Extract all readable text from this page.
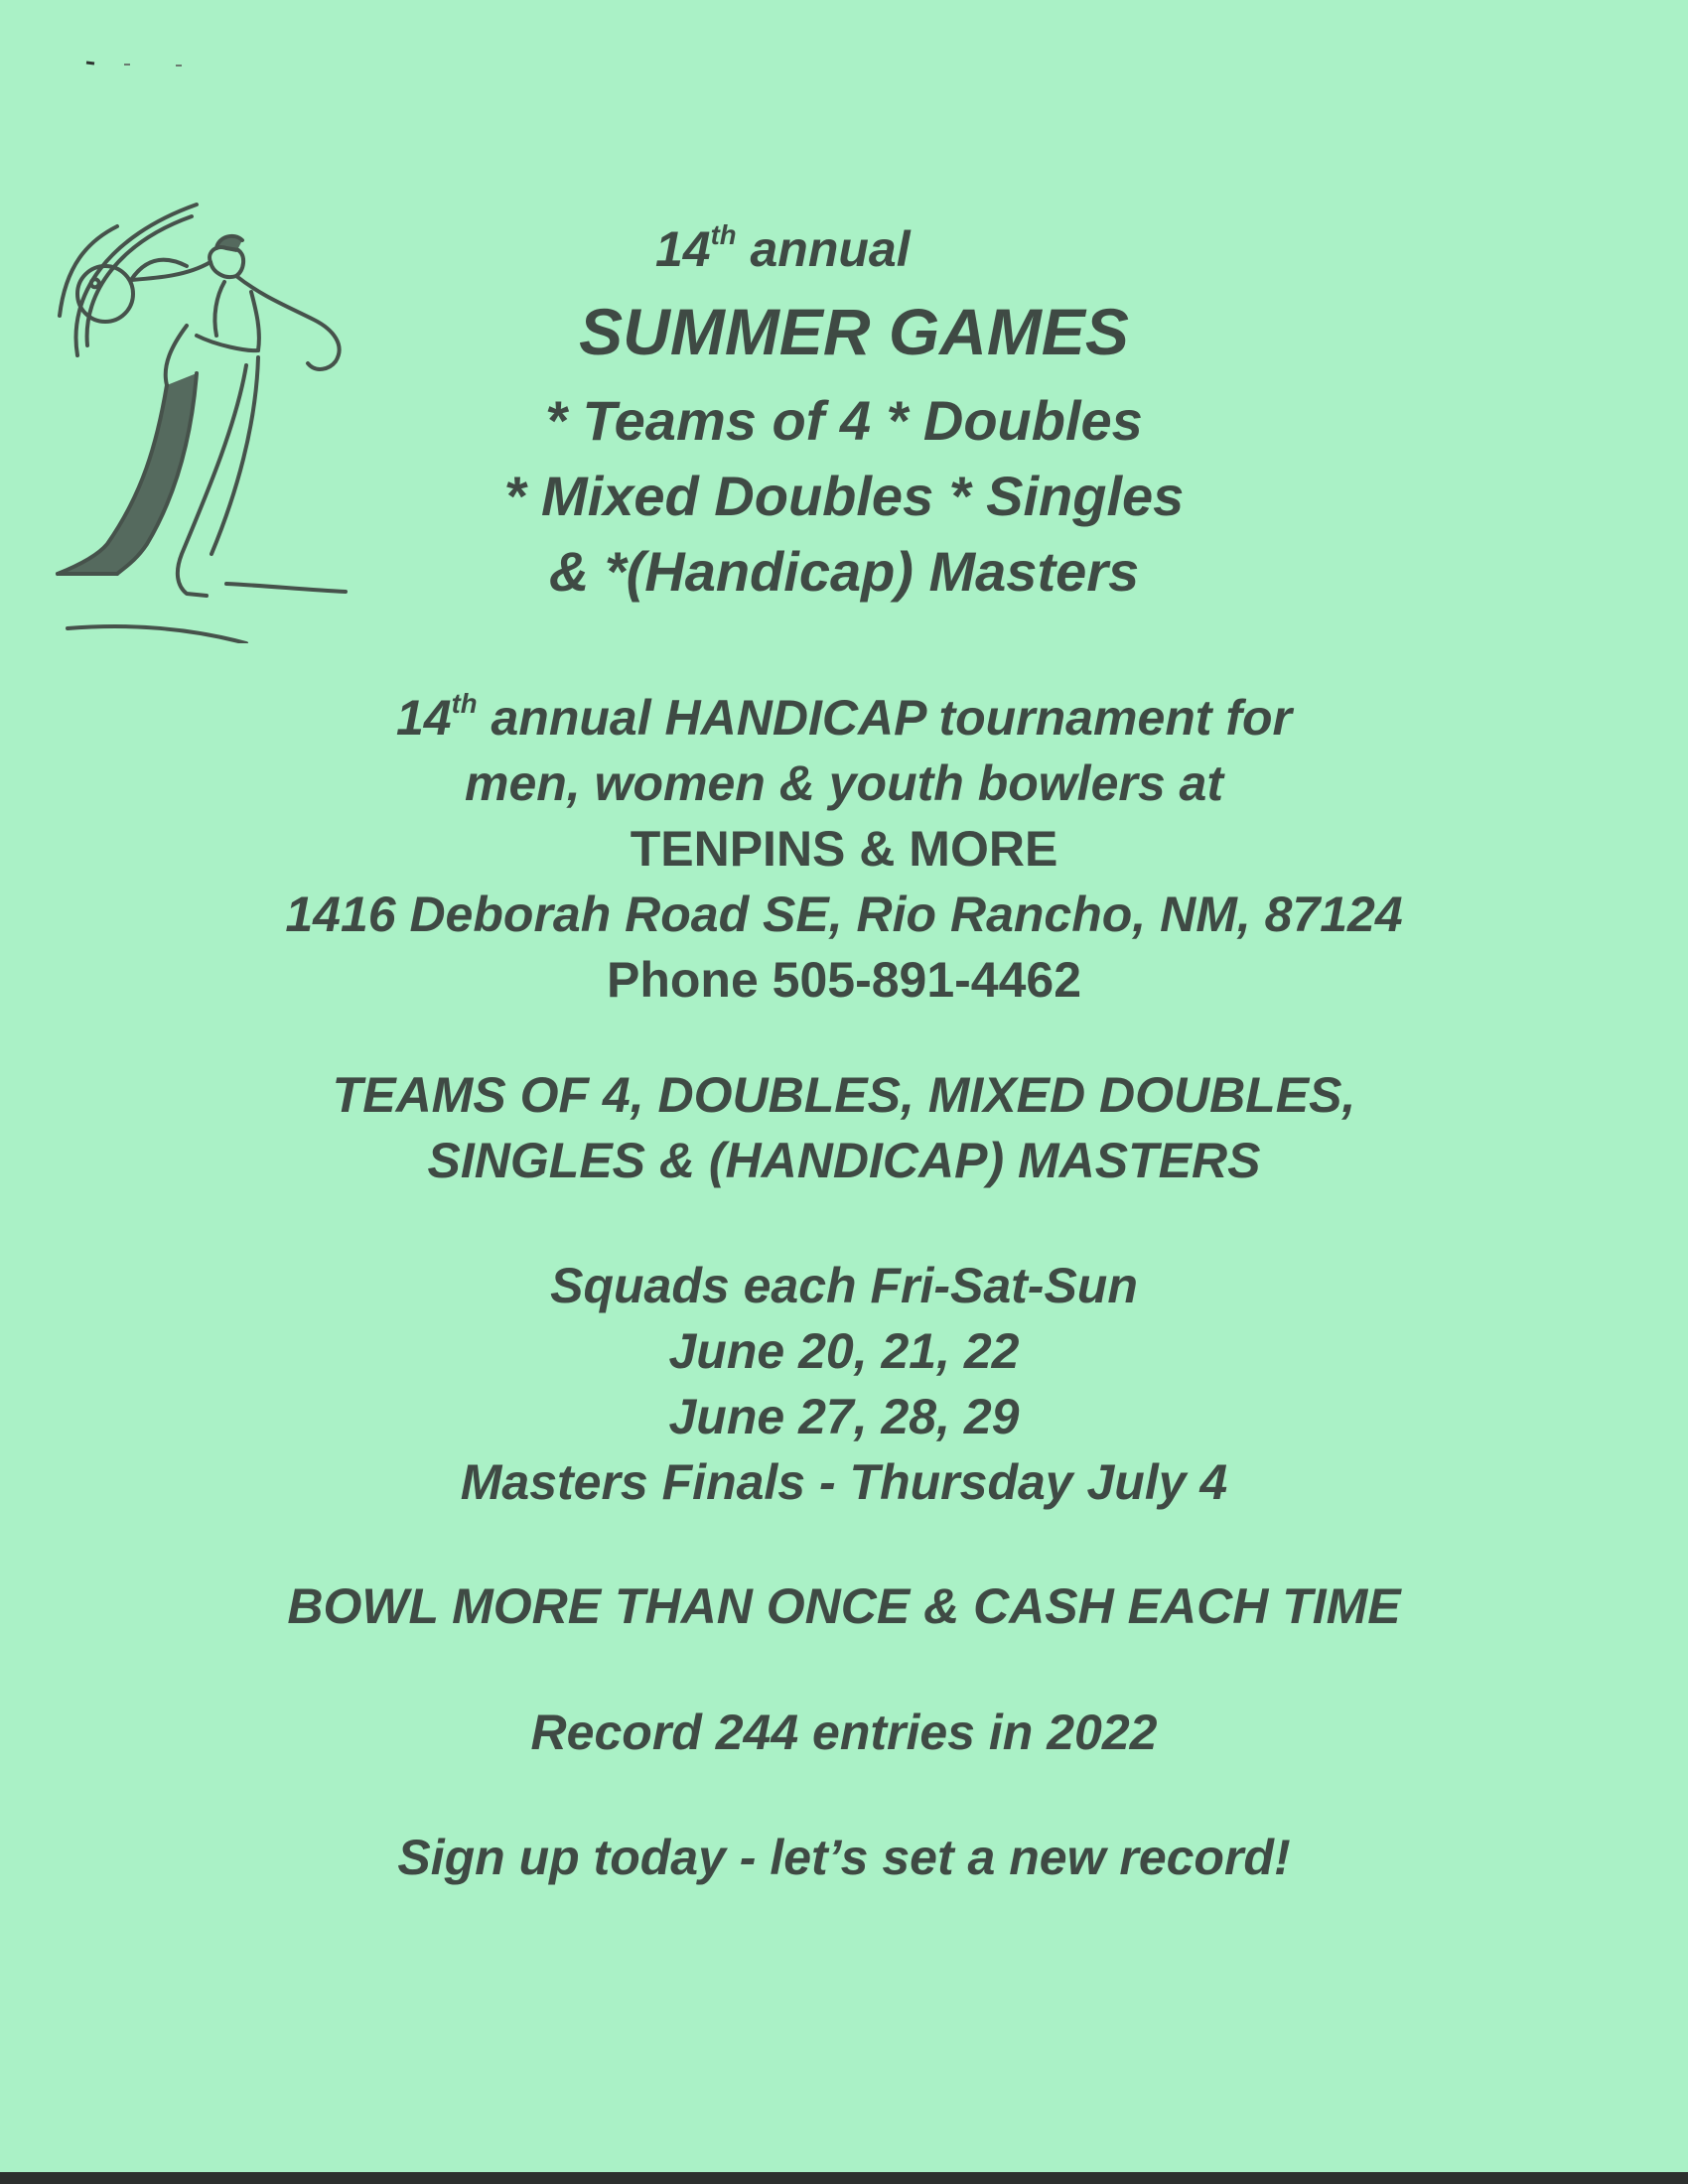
14th annual
SUMMER GAMES
* Teams of 4 * Doubles
* Mixed Doubles * Singles
& *(Handicap) Masters
14th annual HANDICAP tournament for
men, women & youth bowlers at
TENPINS & MORE
1416 Deborah Road SE, Rio Rancho, NM, 87124
Phone 505-891-4462
TEAMS OF 4, DOUBLES, MIXED DOUBLES,
SINGLES & (HANDICAP) MASTERS
Squads each Fri-Sat-Sun
June 20, 21, 22
June 27, 28, 29
Masters Finals - Thursday July 4
BOWL MORE THAN ONCE & CASH EACH TIME
Record 244 entries in 2022
Sign up today - let’s set a new record!
